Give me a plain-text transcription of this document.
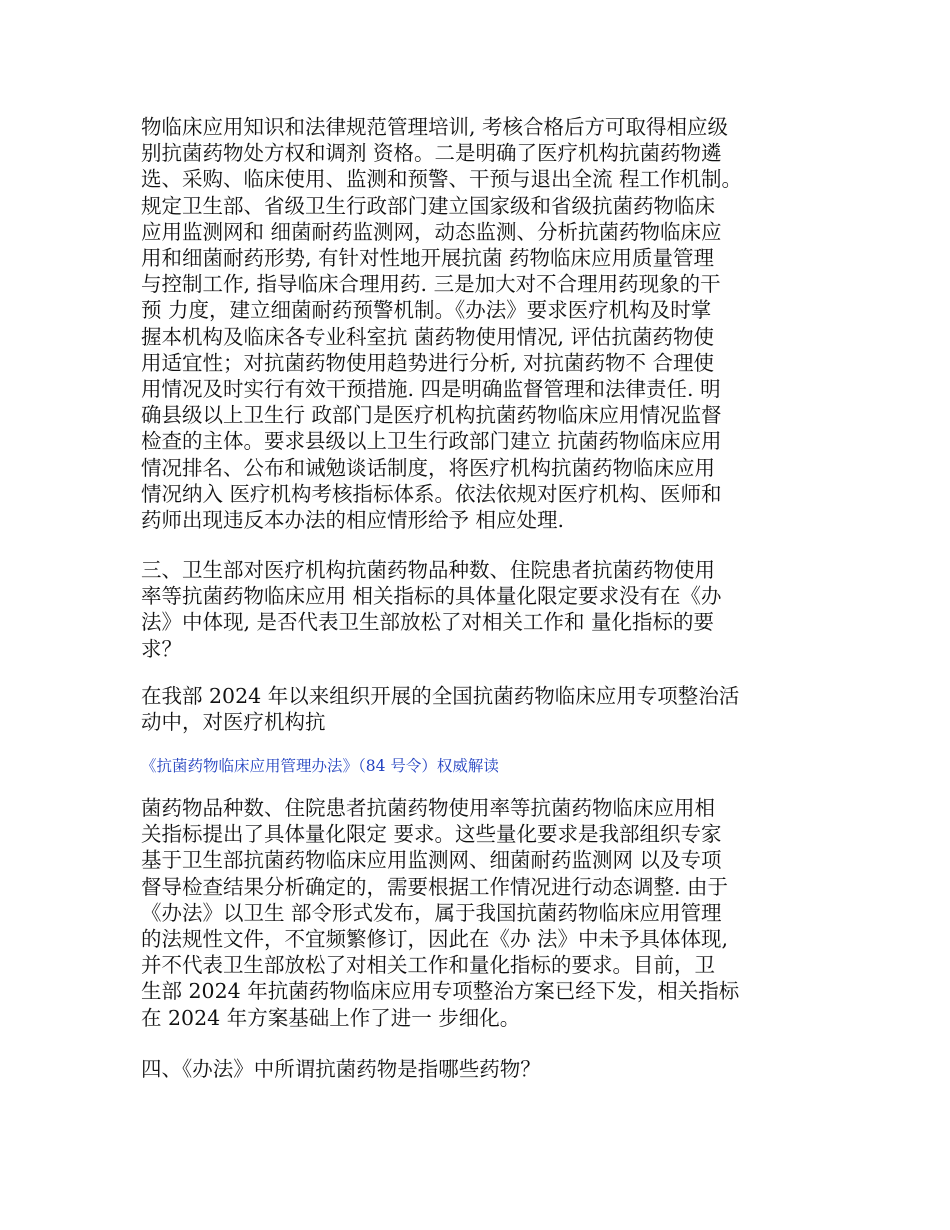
物临床应用知识和法律规范管理培训, 考核合格后方可取得相应级
别抗菌药物处方权和调剂 资格。二是明确了医疗机构抗菌药物遴
选、采购、临床使用、监测和预警、干预与退出全流 程工作机制。
规定卫生部、省级卫生行政部门建立国家级和省级抗菌药物临床
应用监测网和 细菌耐药监测网，动态监测、分析抗菌药物临床应
用和细菌耐药形势, 有针对性地开展抗菌 药物临床应用质量管理
与控制工作, 指导临床合理用药. 三是加大对不合理用药现象的干
预 力度，建立细菌耐药预警机制。《办法》要求医疗机构及时掌
握本机构及临床各专业科室抗 菌药物使用情况, 评估抗菌药物使
用适宜性；对抗菌药物使用趋势进行分析, 对抗菌药物不 合理使
用情况及时实行有效干预措施. 四是明确监督管理和法律责任. 明
确县级以上卫生行 政部门是医疗机构抗菌药物临床应用情况监督
检查的主体。要求县级以上卫生行政部门建立 抗菌药物临床应用
情况排名、公布和诫勉谈话制度，将医疗机构抗菌药物临床应用
情况纳入 医疗机构考核指标体系。依法依规对医疗机构、医师和
药师出现违反本办法的相应情形给予 相应处理.
三、卫生部对医疗机构抗菌药物品种数、住院患者抗菌药物使用
率等抗菌药物临床应用 相关指标的具体量化限定要求没有在《办
法》中体现, 是否代表卫生部放松了对相关工作和 量化指标的要
求？
在我部 2024 年以来组织开展的全国抗菌药物临床应用专项整治活
动中，对医疗机构抗
《抗菌药物临床应用管理办法》（84 号令）权威解读
菌药物品种数、住院患者抗菌药物使用率等抗菌药物临床应用相
关指标提出了具体量化限定 要求。这些量化要求是我部组织专家
基于卫生部抗菌药物临床应用监测网、细菌耐药监测网 以及专项
督导检查结果分析确定的，需要根据工作情况进行动态调整. 由于
《办法》以卫生 部令形式发布，属于我国抗菌药物临床应用管理
的法规性文件，不宜频繁修订，因此在《办 法》中未予具体体现,
并不代表卫生部放松了对相关工作和量化指标的要求。目前，卫
生部 2024 年抗菌药物临床应用专项整治方案已经下发，相关指标
在 2024 年方案基础上作了进一 步细化。
四、《办法》中所谓抗菌药物是指哪些药物？
